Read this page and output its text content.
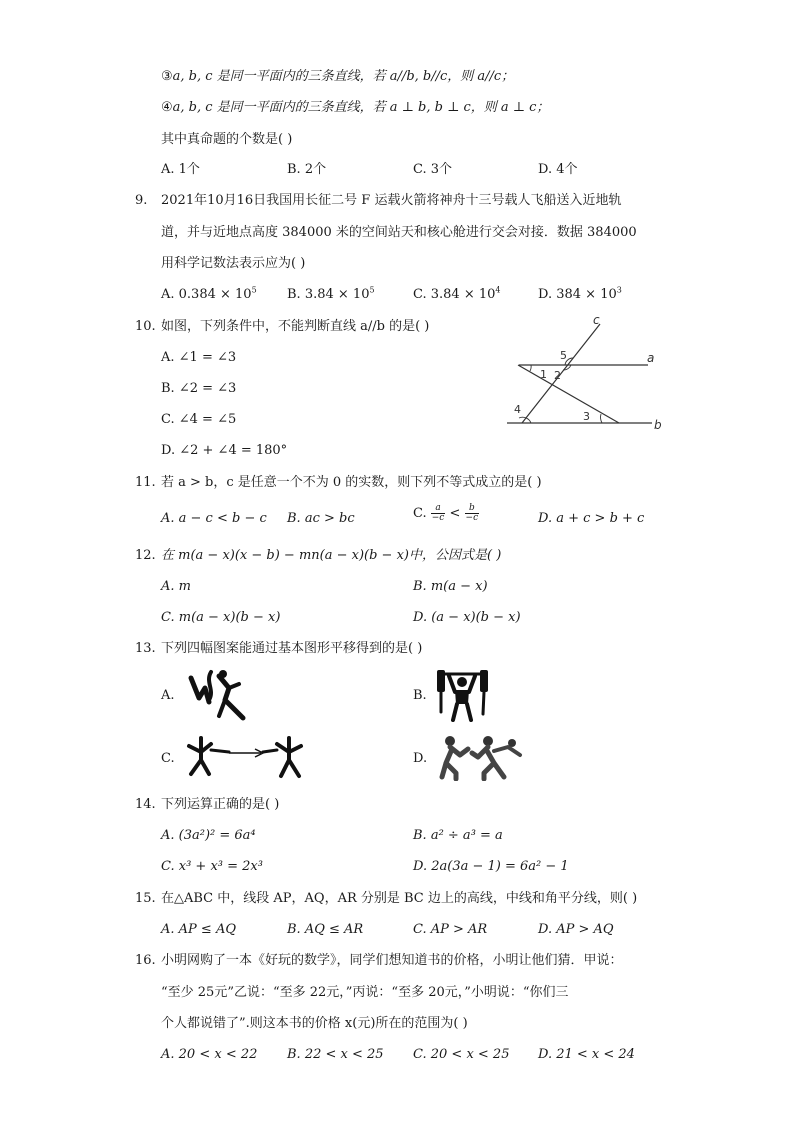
③a, b, c 是同一平面内的三条直线，若 a//b, b//c，则 a//c；
④a, b, c 是同一平面内的三条直线，若 a ⊥ b, b ⊥ c，则 a ⊥ c；
其中真命题的个数是( )
A. 1个	B. 2个	C. 3个	D. 4个
9. 2021年10月16日我国用长征二号 F 运载火箭将神舟十三号载人飞船送入近地轨
道，并与近地点高度 384000 米的空间站天和核心舱进行交会对接．数据 384000
用科学记数法表示应为( )
A. $0.384 \times 10^5$ B. $3.84 \times 10^5$	C. $3.84 \times 10^4$	D. $384 \times 10^3$
10. 如图，下列条件中，不能判断直线 a//b 的是( )
A. ∠1 = ∠3
B. ∠2 = ∠3
C. ∠4 = ∠5
D. ∠2 + ∠4 = 180°
c
a
b
1 2
5
3
4
11. 若 a > b，c 是任意一个不为 0 的实数，则下列不等式成立的是( )
A. a − c < b − c B. ac > bc	C. $\frac{a}{-c} < \frac{b}{-c}$	D. a + c > b + c
12. 在 m(a − x)(x − b) − mn(a − x)(b − x)中，公因式是( )
A. m	B. m(a − x)
C. m(a − x)(b − x)	D. (a − x)(b − x)
13. 下列四幅图案能通过基本图形平移得到的是( )
A.	B.
C.	D.
14. 下列运算正确的是( )
A. (3a²)² = 6a⁴	B. a² ÷ a³ = a
C. x³ + x³ = 2x³	D. 2a(3a − 1) = 6a² − 1
15. 在△ABC 中，线段 AP，AQ，AR 分别是 BC 边上的高线，中线和角平分线，则( )
A. AP ≤ AQ	B. AQ ≤ AR	C. AP > AR	D. AP > AQ
16. 小明网购了一本《好玩的数学》，同学们想知道书的价格，小明让他们猜．甲说：
“至少 25元”乙说：“至多 22元，”丙说：“至多 20元，”小明说：“你们三
个人都说错了”.则这本书的价格 x(元)所在的范围为( )
A. 20 < x < 22 B. 22 < x < 25 C. 20 < x < 25 D. 21 < x < 24
